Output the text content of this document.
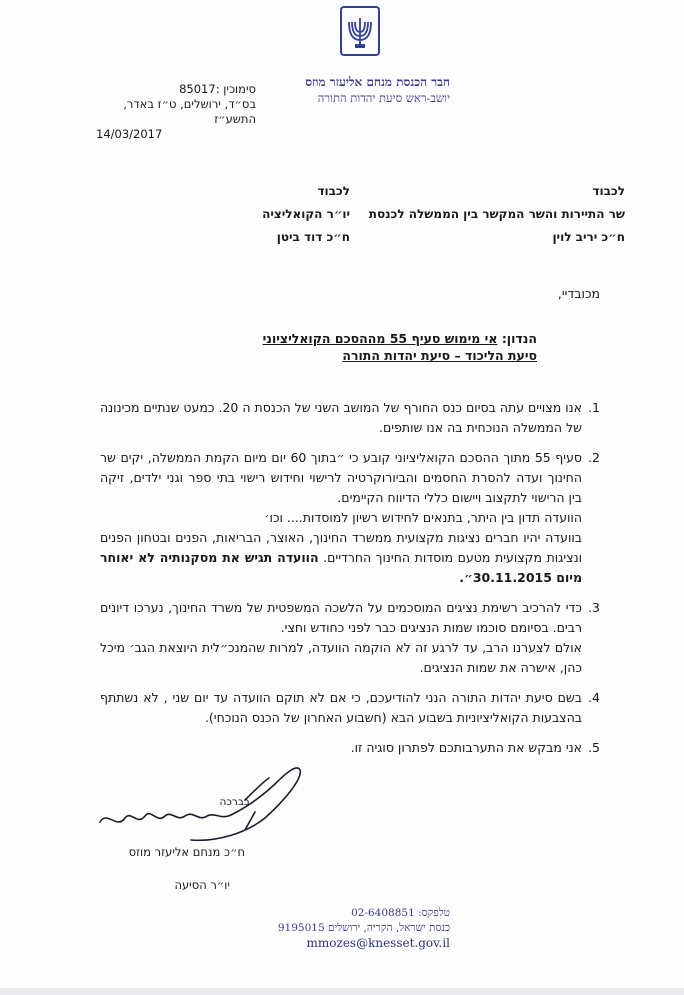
חבר הכנסת מנחם אליעזר מוזס
יושב-ראש סיעת יהדות התורה
סימוכין :85017
בס״ד, ירושלים, ט״ז באדר, התשע״ז
14/03/2017
לכבוד
שר התיירות והשר המקשר בין הממשלה לכנסת
ח״כ יריב לוין
לכבוד
יו״ר הקואליציה
ח״כ דוד ביטן
מכובדיי,
הנדון: אי מימוש סעיף 55 מההסכם הקואליציוני
סיעת הליכוד – סיעת יהדות התורה
1.

אנו מצויים עתה בסיום כנס החורף של המושב השני של הכנסת ה 20. כמעט שנתיים מכינונה של הממשלה הנוכחית בה אנו שותפים.

2.

סעיף 55 מתוך ההסכם הקואליציוני קובע כי ״בתוך 60 יום מיום הקמת הממשלה, יקים שר החינוך ועדה להסרת החסמים והביורוקרטיה לרישוי וחידוש רישוי בתי ספר וגני ילדים, זיקה בין הרישוי לתקצוב ויישום כללי הדיווח הקיימים.

הוועדה תדון בין היתר, בתנאים לחידוש רשיון למוסדות.... וכו׳

בוועדה יהיו חברים נציגות מקצועית ממשרד החינוך, האוצר, הבריאות, הפנים ובטחון הפנים ונציגות מקצועית מטעם מוסדות החינוך החרדיים. הוועדה תגיש את מסקנותיה לא יאוחר מיום 30.11.2015״.

3.

כדי להרכיב רשימת נציגים המוסכמים על הלשכה המשפטית של משרד החינוך, נערכו דיונים רבים. בסיומם סוכמו שמות הנציגים כבר לפני כחודש וחצי.

אולם לצערנו הרב, עד לרגע זה לא הוקמה הוועדה, למרות שהמנכ״לית היוצאת הגב׳ מיכל כהן, אישרה את שמות הנציגים.

4.

בשם סיעת יהדות התורה הנני להודיעכם, כי אם לא תוקם הוועדה עד יום שני , לא נשתתף בהצבעות הקואליציוניות בשבוע הבא (חשבוע האחרון של הכנס הנוכחי).

5.

אני מבקש את התערבותכם לפתרון סוגיה זו.

בברכה
ח״כ מנחם אליעזר מוזס
יו״ר הסיעה
טלפקס: 02-6408851
כנסת ישראל, הקריה, ירושלים 9195015
mmozes@knesset.gov.il
